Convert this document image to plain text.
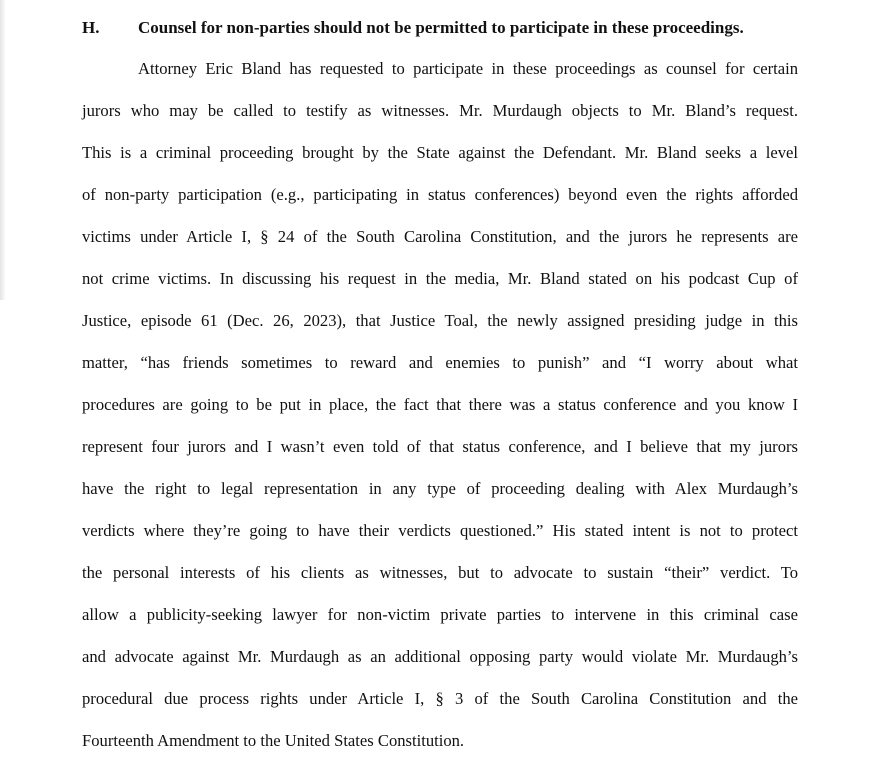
H. Counsel for non-parties should not be permitted to participate in these proceedings.
Attorney Eric Bland has requested to participate in these proceedings as counsel for certain
jurors who may be called to testify as witnesses. Mr. Murdaugh objects to Mr. Bland’s request.
This is a criminal proceeding brought by the State against the Defendant. Mr. Bland seeks a level
of non-party participation (e.g., participating in status conferences) beyond even the rights afforded
victims under Article I, § 24 of the South Carolina Constitution, and the jurors he represents are
not crime victims. In discussing his request in the media, Mr. Bland stated on his podcast Cup of
Justice, episode 61 (Dec. 26, 2023), that Justice Toal, the newly assigned presiding judge in this
matter, “has friends sometimes to reward and enemies to punish” and “I worry about what
procedures are going to be put in place, the fact that there was a status conference and you know I
represent four jurors and I wasn’t even told of that status conference, and I believe that my jurors
have the right to legal representation in any type of proceeding dealing with Alex Murdaugh’s
verdicts where they’re going to have their verdicts questioned.” His stated intent is not to protect
the personal interests of his clients as witnesses, but to advocate to sustain “their” verdict. To
allow a publicity-seeking lawyer for non-victim private parties to intervene in this criminal case
and advocate against Mr. Murdaugh as an additional opposing party would violate Mr. Murdaugh’s
procedural due process rights under Article I, § 3 of the South Carolina Constitution and the
Fourteenth Amendment to the United States Constitution.
